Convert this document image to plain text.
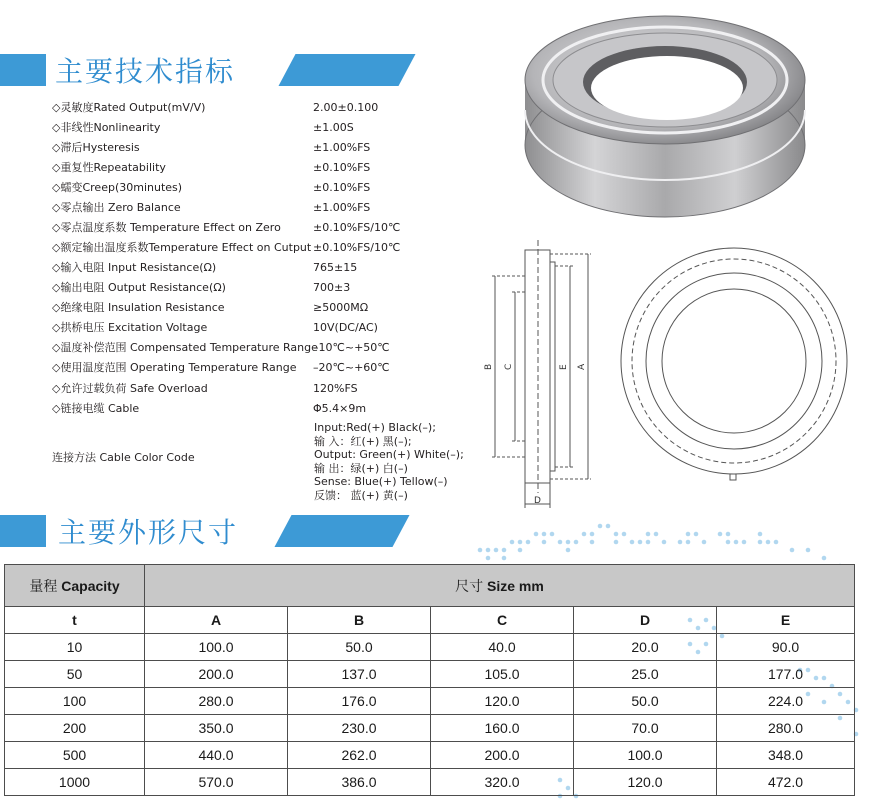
主要技术指标
◇灵敏度Rated Output(mV/V)	2.00±0.100
◇非线性Nonlinearity	±1.00S
◇滞后Hysteresis	±1.00%FS
◇重复性Repeatability	±0.10%FS
◇蠕变Creep(30minutes)	±0.10%FS
◇零点输出 Zero Balance	±1.00%FS
◇零点温度系数 Temperature Effect on Zero	±0.10%FS/10℃
◇额定输出温度系数Temperature Effect on Cutput ±0.10%FS/10℃
◇输入电阻 Input Resistance(Ω)	765±15
◇输出电阻 Output Resistance(Ω)	700±3
◇绝缘电阻 Insulation Resistance	≥5000MΩ
◇拱桥电压 Excitation Voltage	10V(DC/AC)
◇温度补偿范围 Compensated Temperature Range
–10℃~+50℃
◇使用温度范围 Operating Temperature Range –20℃~+60℃
◇允许过载负荷 Safe Overload	120%FS
◇链接电缆 Cable	Φ5.4×9m
连接方法 Cable Color Code
Input:Red(+) Black(–);
输 入：红(+) 黑(–);
Output: Green(+) White(–);
输 出：绿(+) 白(–)
Sense: Blue(+) Tellow(–)
反馈： 蓝(+) 黄(–)
B C	E A
D
主要外形尺寸
量程 Capacity	尺寸 Size mm				
t	A	B	C	D	E
10	100.0	50.0	40.0	20.0	90.0
50	200.0	137.0	105.0	25.0	177.0
100	280.0	176.0	120.0	50.0	224.0
200	350.0	230.0	160.0	70.0	280.0
500	440.0	262.0	200.0	100.0	348.0
1000	570.0	386.0	320.0	120.0	472.0
